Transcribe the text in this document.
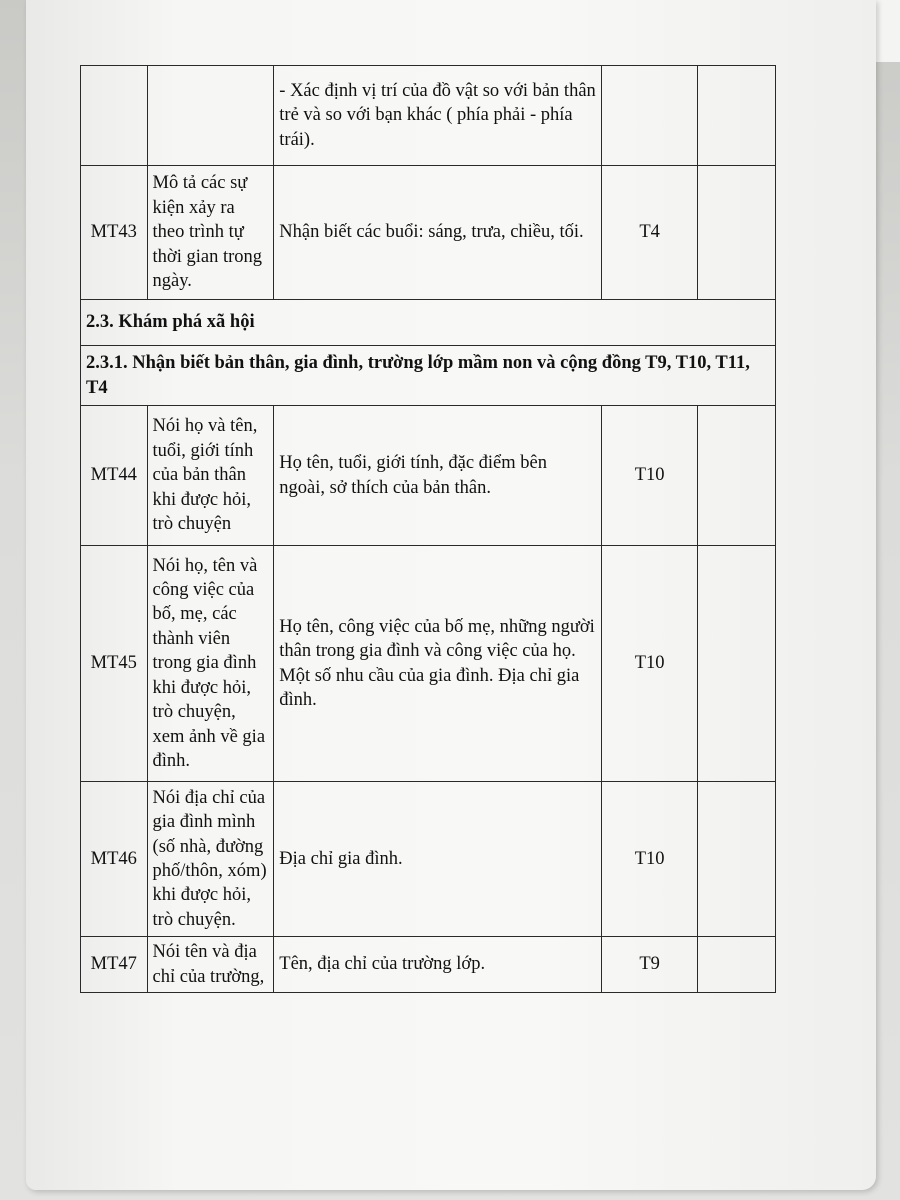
		- Xác định vị trí của đồ vật so với bản thân trẻ và so với bạn khác ( phía phải - phía trái).		
MT43	Mô tả các sự kiện xảy ra theo trình tự thời gian trong ngày.	Nhận biết các buổi: sáng, trưa, chiều, tối.	T4	
2.3. Khám phá xã hội				
2.3.1. Nhận biết bản thân, gia đình, trường lớp mầm non và cộng đồng T9, T10, T11, T4				
MT44	Nói họ và tên, tuổi, giới tính của bản thân khi được hỏi, trò chuyện	Họ tên, tuổi, giới tính, đặc điểm bên ngoài, sở thích của bản thân.	T10	
MT45	Nói họ, tên và công việc của bố, mẹ, các thành viên trong gia đình khi được hỏi, trò chuyện, xem ảnh về gia đình.	Họ tên, công việc của bố mẹ, những người thân trong gia đình và công việc của họ. Một số nhu cầu của gia đình. Địa chỉ gia đình.	T10	
MT46	Nói địa chỉ của gia đình mình (số nhà, đường phố/thôn, xóm) khi được hỏi, trò chuyện.	Địa chỉ gia đình.	T10	
MT47	Nói tên và địa chỉ của trường,	Tên, địa chỉ của trường lớp.	T9	
